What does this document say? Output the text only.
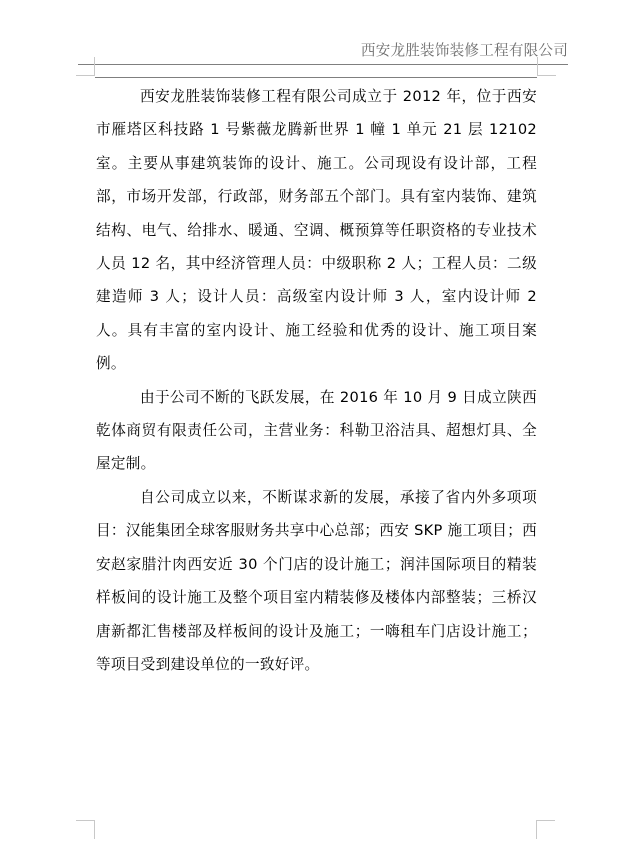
西安龙胜装饰装修工程有限公司

西安龙胜装饰装修工程有限公司成立于 2012 年，位于西安市雁塔区科技路 1 号紫薇龙腾新世界 1 幢 1 单元 21 层 12102 室。主要从事建筑装饰的设计、施工。公司现设有设计部，工程部，市场开发部，行政部，财务部五个部门。具有室内装饰、建筑结构、电气、给排水、暖通、空调、概预算等任职资格的专业技术人员 12 名，其中经济管理人员：中级职称 2 人；工程人员：二级建造师 3 人；设计人员：高级室内设计师 3 人，室内设计师 2 人。具有丰富的室内设计、施工经验和优秀的设计、施工项目案例。

由于公司不断的飞跃发展，在 2016 年 10 月 9 日成立陕西乾体商贸有限责任公司，主营业务：科勒卫浴洁具、超想灯具、全屋定制。

自公司成立以来，不断谋求新的发展，承接了省内外多项项目：汉能集团全球客服财务共享中心总部；西安 SKP 施工项目；西安赵家腊汁肉西安近 30 个门店的设计施工；润沣国际项目的精装样板间的设计施工及整个项目室内精装修及楼体内部整装；三桥汉唐新都汇售楼部及样板间的设计及施工；一嗨租车门店设计施工；等项目受到建设单位的一致好评。
